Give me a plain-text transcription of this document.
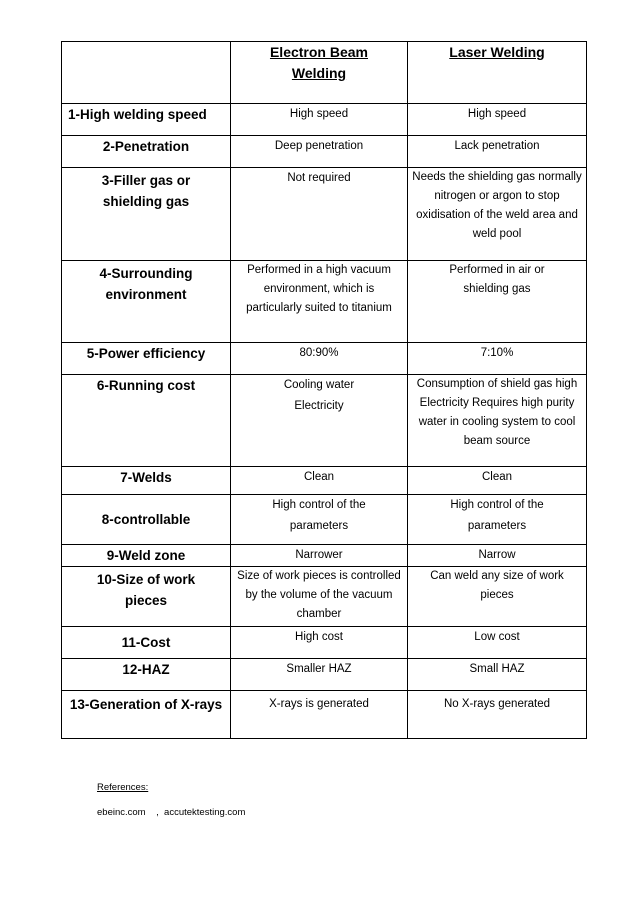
	Electron Beam Welding	Laser Welding
1-High welding speed	High speed	High speed
2-Penetration	Deep penetration	Lack penetration
3-Filler gas or shielding gas	Not required	Needs the shielding gas normally nitrogen or argon to stop oxidisation of the weld area and weld pool
4-Surrounding environment	Performed in a high vacuum environment, which is particularly suited to titanium	Performed in air or shielding gas
5-Power efficiency	80:90%	7:10%
6-Running cost	Cooling water Electricity	Consumption of shield gas high Electricity Requires high purity water in cooling system to cool beam source
7-Welds	Clean	Clean
8-controllable	High control of the parameters	High control of the parameters
9-Weld zone	Narrower	Narrow
10-Size of work pieces	Size of work pieces is controlled by the volume of the vacuum chamber	Can weld any size of work pieces
11-Cost	High cost	Low cost
12-HAZ	Smaller HAZ	Small HAZ
13-Generation of X-rays	X-rays is generated	No X-rays generated
References:
ebeinc.com    ,  accutektesting.com
